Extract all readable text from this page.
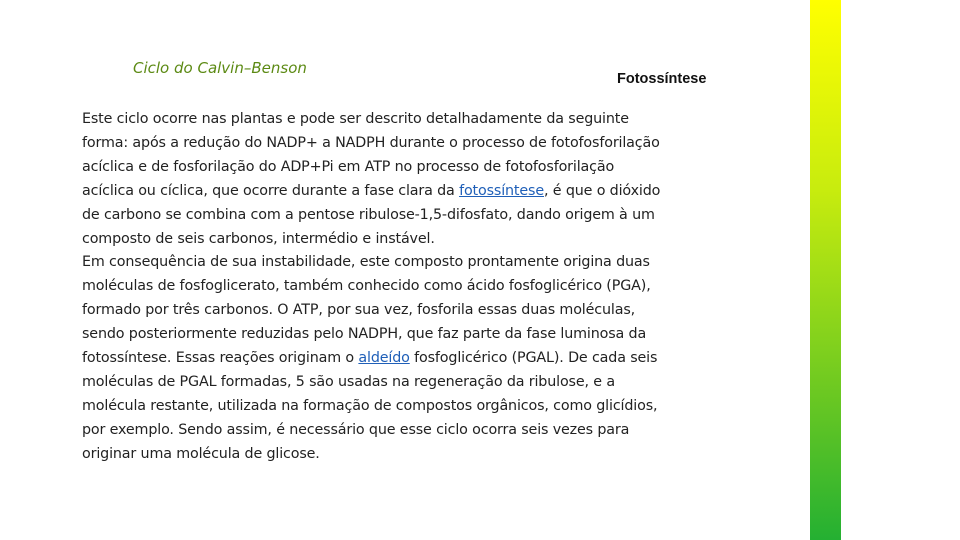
Ciclo do Calvin–Benson
Fotossíntese

Este ciclo ocorre nas plantas e pode ser descrito detalhadamente da seguinte
forma: após a redução do NADP+ a NADPH durante o processo de fotofosforilação
acíclica e de fosforilação do ADP+Pi em ATP no processo de fotofosforilação
acíclica ou cíclica, que ocorre durante a fase clara da fotossíntese, é que o dióxido
de carbono se combina com a pentose ribulose-1,5-difosfato, dando origem à um
composto de seis carbonos, intermédio e instável.

Em consequência de sua instabilidade, este composto prontamente origina duas
moléculas de fosfoglicerato, também conhecido como ácido fosfoglicérico (PGA),
formado por três carbonos. O ATP, por sua vez, fosforila essas duas moléculas,
sendo posteriormente reduzidas pelo NADPH, que faz parte da fase luminosa da
fotossíntese. Essas reações originam o aldeído fosfoglicérico (PGAL). De cada seis
moléculas de PGAL formadas, 5 são usadas na regeneração da ribulose, e a
molécula restante, utilizada na formação de compostos orgânicos, como glicídios,
por exemplo. Sendo assim, é necessário que esse ciclo ocorra seis vezes para
originar uma molécula de glicose.
